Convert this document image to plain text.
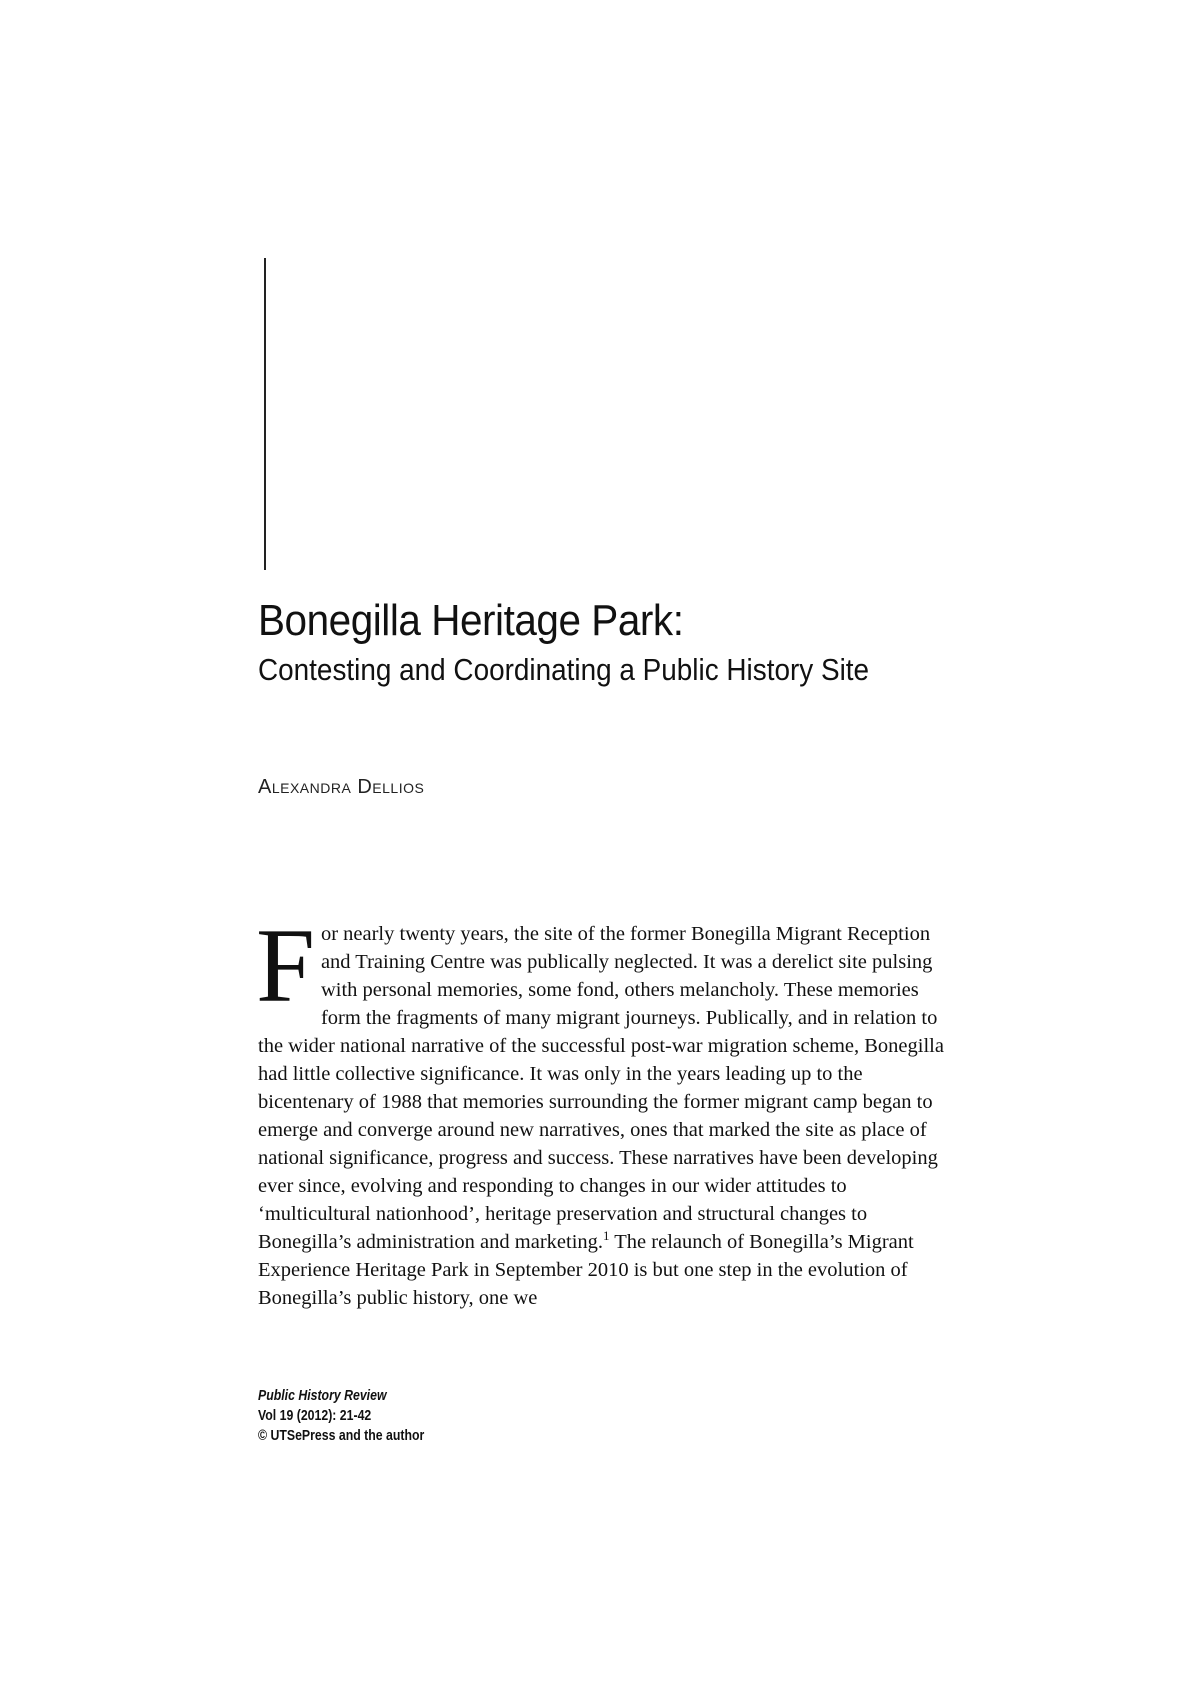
Bonegilla Heritage Park:
Contesting and Coordinating a Public History Site
Alexandra Dellios

For nearly twenty years, the site of the former Bonegilla Migrant Reception and Training Centre was publically neglected. It was a derelict site pulsing with personal memories, some fond, others melancholy. These memories form the fragments of many migrant journeys. Publically, and in relation to the wider national narrative of the successful post-war migration scheme, Bonegilla had little collective significance. It was only in the years leading up to the bicentenary of 1988 that memories surrounding the former migrant camp began to emerge and converge around new narratives, ones that marked the site as place of national significance, progress and success. These narratives have been developing ever since, evolving and responding to changes in our wider attitudes to ‘multicultural nationhood’, heritage preservation and structural changes to Bonegilla’s administration and marketing.$^1$ The relaunch of Bonegilla’s Migrant Experience Heritage Park in September 2010 is but one step in the evolution of Bonegilla’s public history, one we

Public History Review
Vol 19 (2012): 21-42
© UTSePress and the author
